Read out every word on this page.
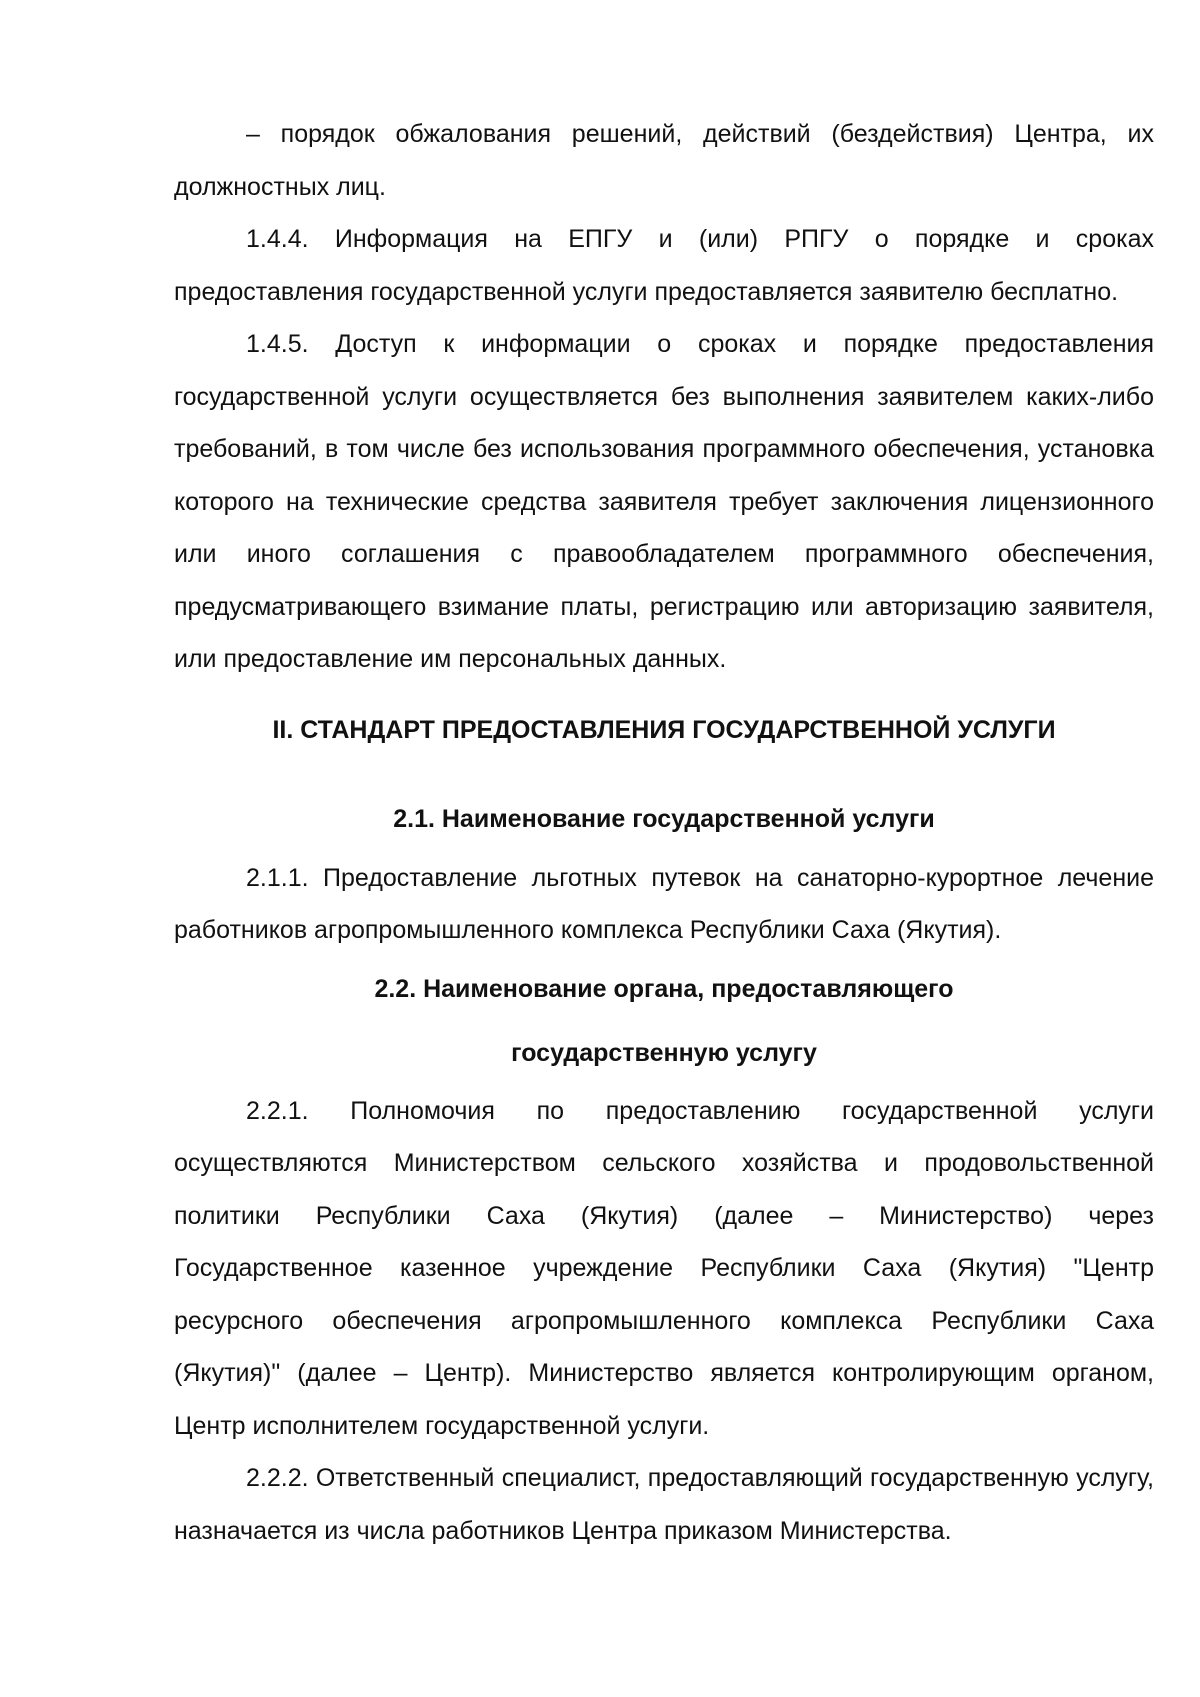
– порядок обжалования решений, действий (бездействия) Центра, их должностных лиц.

1.4.4. Информация на ЕПГУ и (или) РПГУ о порядке и сроках предоставления государственной услуги предоставляется заявителю бесплатно.

1.4.5. Доступ к информации о сроках и порядке предоставления государственной услуги осуществляется без выполнения заявителем каких-либо требований, в том числе без использования программного обеспечения, установка которого на технические средства заявителя требует заключения лицензионного или иного соглашения с правообладателем программного обеспечения, предусматривающего взимание платы, регистрацию или авторизацию заявителя, или предоставление им персональных данных.

II. СТАНДАРТ ПРЕДОСТАВЛЕНИЯ ГОСУДАРСТВЕННОЙ УСЛУГИ
2.1. Наименование государственной услуги

2.1.1. Предоставление льготных путевок на санаторно-курортное лечение работников агропромышленного комплекса Республики Саха (Якутия).

2.2. Наименование органа, предоставляющего
государственную услугу

2.2.1. Полномочия по предоставлению государственной услуги осуществляются Министерством сельского хозяйства и продовольственной политики Республики Саха (Якутия) (далее – Министерство) через Государственное казенное учреждение Республики Саха (Якутия) "Центр ресурсного обеспечения агропромышленного комплекса Республики Саха (Якутия)" (далее – Центр). Министерство является контролирующим органом, Центр исполнителем государственной услуги.

2.2.2. Ответственный специалист, предоставляющий государственную услугу, назначается из числа работников Центра приказом Министерства.
